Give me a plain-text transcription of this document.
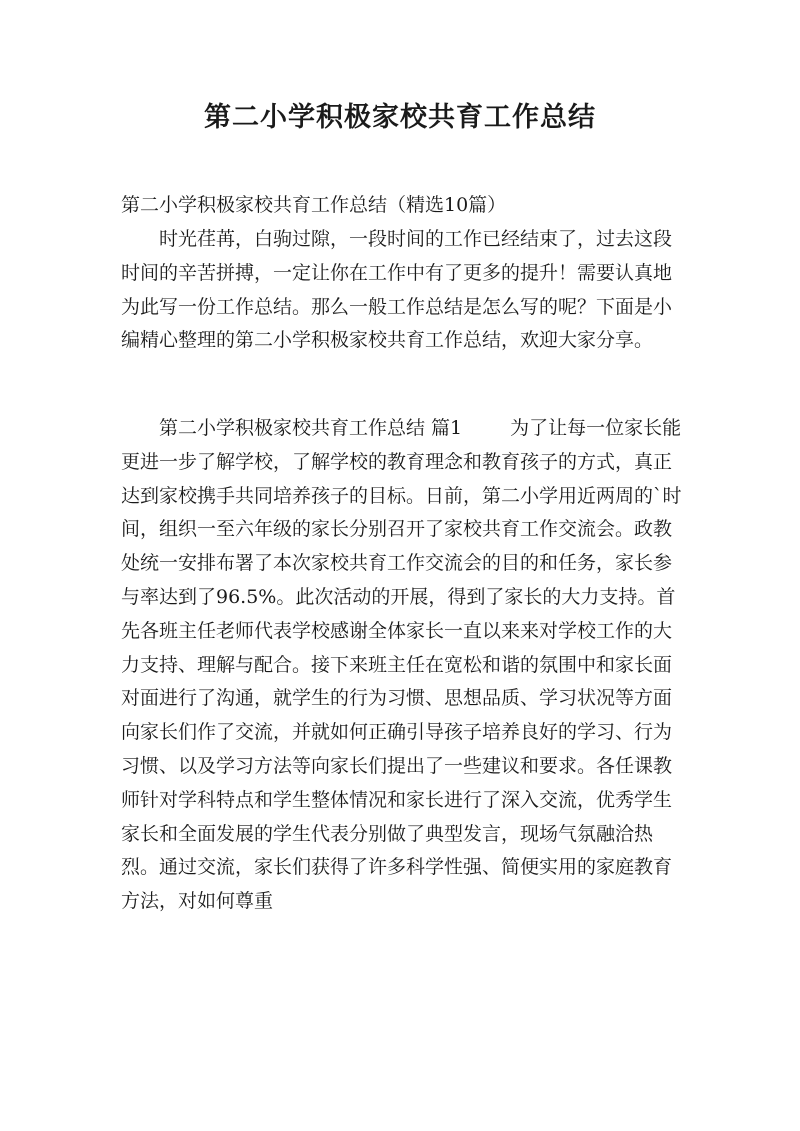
第二小学积极家校共育工作总结
第二小学积极家校共育工作总结（精选10篇）

时光荏苒，白驹过隙，一段时间的工作已经结束了，过去这段时间的辛苦拼搏，一定让你在工作中有了更多的提升！需要认真地为此写一份工作总结。那么一般工作总结是怎么写的呢？下面是小编精心整理的第二小学积极家校共育工作总结，欢迎大家分享。

第二小学积极家校共育工作总结 篇1	为了让每一位家长能更进一步了解学校，了解学校的教育理念和教育孩子的方式，真正达到家校携手共同培养孩子的目标。日前，第二小学用近两周的`时间，组织一至六年级的家长分别召开了家校共育工作交流会。政教处统一安排布署了本次家校共育工作交流会的目的和任务，家长参与率达到了96.5%。此次活动的开展，得到了家长的大力支持。首先各班主任老师代表学校感谢全体家长一直以来来对学校工作的大力支持、理解与配合。接下来班主任在宽松和谐的氛围中和家长面对面进行了沟通，就学生的行为习惯、思想品质、学习状况等方面向家长们作了交流，并就如何正确引导孩子培养良好的学习、行为习惯、以及学习方法等向家长们提出了一些建议和要求。各任课教师针对学科特点和学生整体情况和家长进行了深入交流，优秀学生家长和全面发展的学生代表分别做了典型发言，现场气氛融洽热烈。通过交流，家长们获得了许多科学性强、简便实用的家庭教育方法，对如何尊重
